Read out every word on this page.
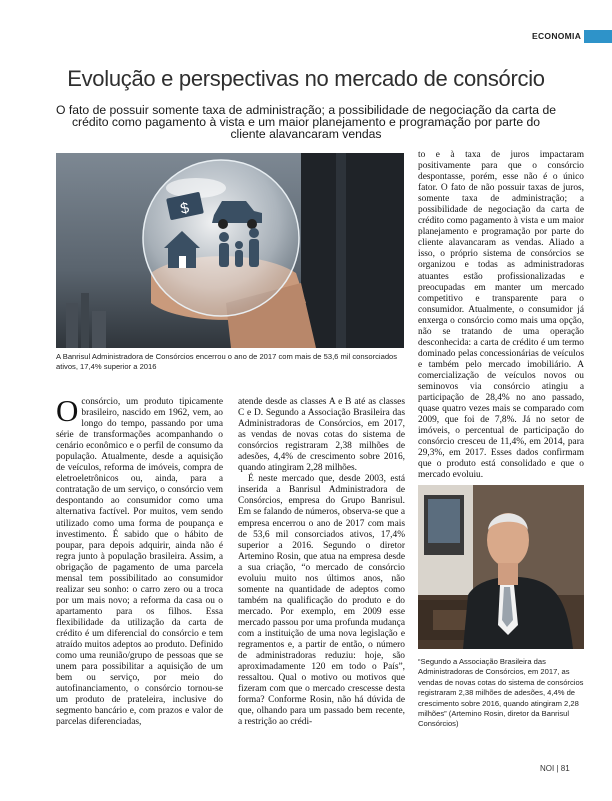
ECONOMIA
Evolução e perspectivas no mercado de consórcio
O fato de possuir somente taxa de administração; a possibilidade de negociação da carta de crédito como pagamento à vista e um maior planejamento e programação por parte do cliente alavancaram vendas
$
A Banrisul Administradora de Consórcios encerrou o ano de 2017 com mais de 53,6 mil consorciados ativos, 17,4% superior a 2016

O consórcio, um produto tipicamente brasileiro, nascido em 1962, vem, ao longo do tempo, passando por uma série de transformações acompanhando o cenário econômico e o perfil de consumo da população. Atualmente, desde a aquisição de veículos, reforma de imóveis, compra de eletroeletrônicos ou, ainda, para a contratação de um serviço, o consórcio vem despontando ao consumidor como uma alternativa factível. Por muitos, vem sendo utilizado como uma forma de poupança e investimento. É sabido que o hábito de poupar, para depois adquirir, ainda não é regra junto à população brasileira. Assim, a obrigação de pagamento de uma parcela mensal tem possibilitado ao consumidor realizar seu sonho: o carro zero ou a troca por um mais novo; a reforma da casa ou o apartamento para os filhos. Essa flexibilidade da utilização da carta de crédito é um diferencial do consórcio e tem atraído muitos adeptos ao produto. Definido como uma reunião/grupo de pessoas que se unem para possibilitar a aquisição de um bem ou serviço, por meio do autofinanciamento, o consórcio tornou-se um produto de prateleira, inclusive do segmento bancário e, com prazos e valor de parcelas diferenciadas,

atende desde as classes A e B até as classes C e D. Segundo a Associação Brasileira das Administradoras de Consórcios, em 2017, as vendas de novas cotas do sistema de consórcios registraram 2,38 milhões de adesões, 4,4% de crescimento sobre 2016, quando atingiram 2,28 milhões.

É neste mercado que, desde 2003, está inserida a Banrisul Administradora de Consórcios, empresa do Grupo Banrisul. Em se falando de números, observa-se que a empresa encerrou o ano de 2017 com mais de 53,6 mil consorciados ativos, 17,4% superior a 2016. Segundo o diretor Artemino Rosin, que atua na empresa desde a sua criação, “o mercado de consórcio evoluiu muito nos últimos anos, não somente na quantidade de adeptos como também na qualificação do produto e do mercado. Por exemplo, em 2009 esse mercado passou por uma profunda mudança com a instituição de uma nova legislação e regramentos e, a partir de então, o número de administradoras reduziu: hoje, são aproximadamente 120 em todo o País”, ressaltou. Qual o motivo ou motivos que fizeram com que o mercado crescesse desta forma? Conforme Rosin, não há dúvida de que, olhando para um passado bem recente, a restrição ao crédi-

to e à taxa de juros impactaram positivamente para que o consórcio despontasse, porém, esse não é o único fator. O fato de não possuir taxas de juros, somente taxa de administração; a possibilidade de negociação da carta de crédito como pagamento à vista e um maior planejamento e programação por parte do cliente alavancaram as vendas. Aliado a isso, o próprio sistema de consórcios se organizou e todas as administradoras atuantes estão profissionalizadas e preocupadas em manter um mercado competitivo e transparente para o consumidor. Atualmente, o consumidor já enxerga o consórcio como mais uma opção, não se tratando de uma operação desconhecida: a carta de crédito é um termo dominado pelas concessionárias de veículos e também pelo mercado imobiliário. A comercialização de veículos novos ou seminovos via consórcio atingiu a participação de 28,4% no ano passado, quase quatro vezes mais se comparado com 2009, que foi de 7,8%. Já no setor de imóveis, o percentual de participação do consórcio cresceu de 11,4%, em 2014, para 29,3%, em 2017. Esses dados confirmam que o produto está consolidado e que o mercado evoluiu.

“Segundo a Associação Brasileira das Administradoras de Consórcios, em 2017, as vendas de novas cotas do sistema de consórcios registraram 2,38 milhões de adesões, 4,4% de crescimento sobre 2016, quando atingiram 2,28 milhões” (Artemino Rosin, diretor da Banrisul Consórcios)
NOI | 81
